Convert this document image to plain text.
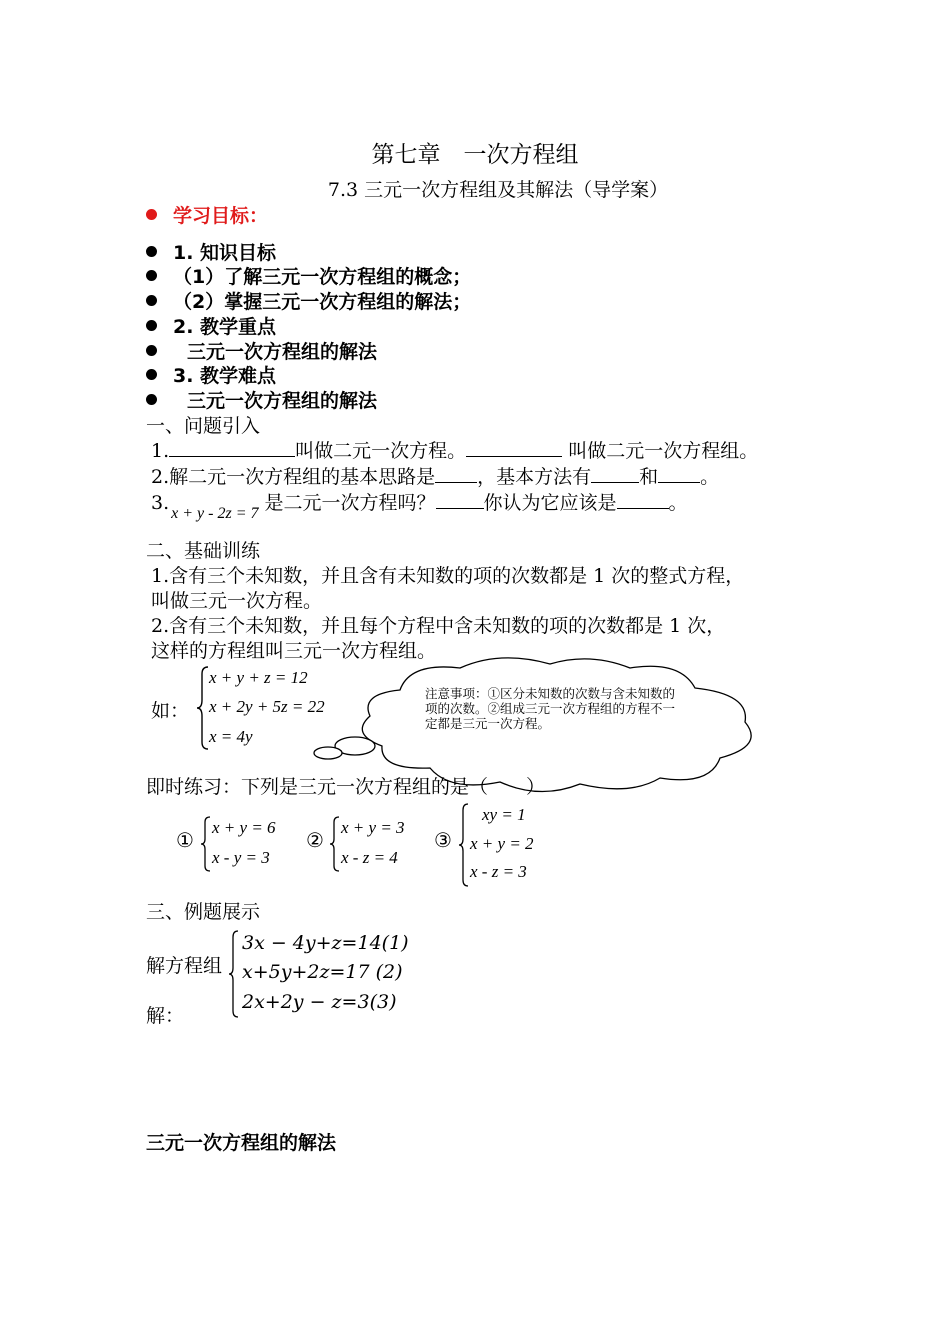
第七章　一次方程组
7.3 三元一次方程组及其解法（导学案）
学习目标：
1. 知识目标
（1）了解三元一次方程组的概念；
（2）掌握三元一次方程组的解法；
2. 教学重点
三元一次方程组的解法
3. 教学难点
三元一次方程组的解法
一、问题引入
1.	叫做二元一次方程。	叫做二元一次方程组。
2.解二元一次方程组的基本思路是 ，基本方法有	和 。
3. $_{x + y - 2z = 7}$ 是二元一次方程吗？	你认为它应该是	。
二、基础训练
1.含有三个未知数，并且含有未知数的项的次数都是 1 次的整式方程，
叫做三元一次方程。
2.含有三个未知数，并且每个方程中含未知数的项的次数都是 1 次，
这样的方程组叫三元一次方程组。
如：
x + y + z = 12
x + 2y + 5z = 22
x = 4y
注意事项：①区分未知数的次数与含未知数的项的次数。②组成三元一次方程组的方程不一定都是三元一次方程。
即时练习：下列是三元一次方程组的是（　　）
①
x + y = 6
x - y = 3
②
x + y = 3
x - z = 4
③
xy = 1
x + y = 2
x - z = 3
三、例题展示
解方程组
3x − 4y+z=14(1)
x+5y+2z=17 (2)
2x+2y − z=3(3)
解：
三元一次方程组的解法
